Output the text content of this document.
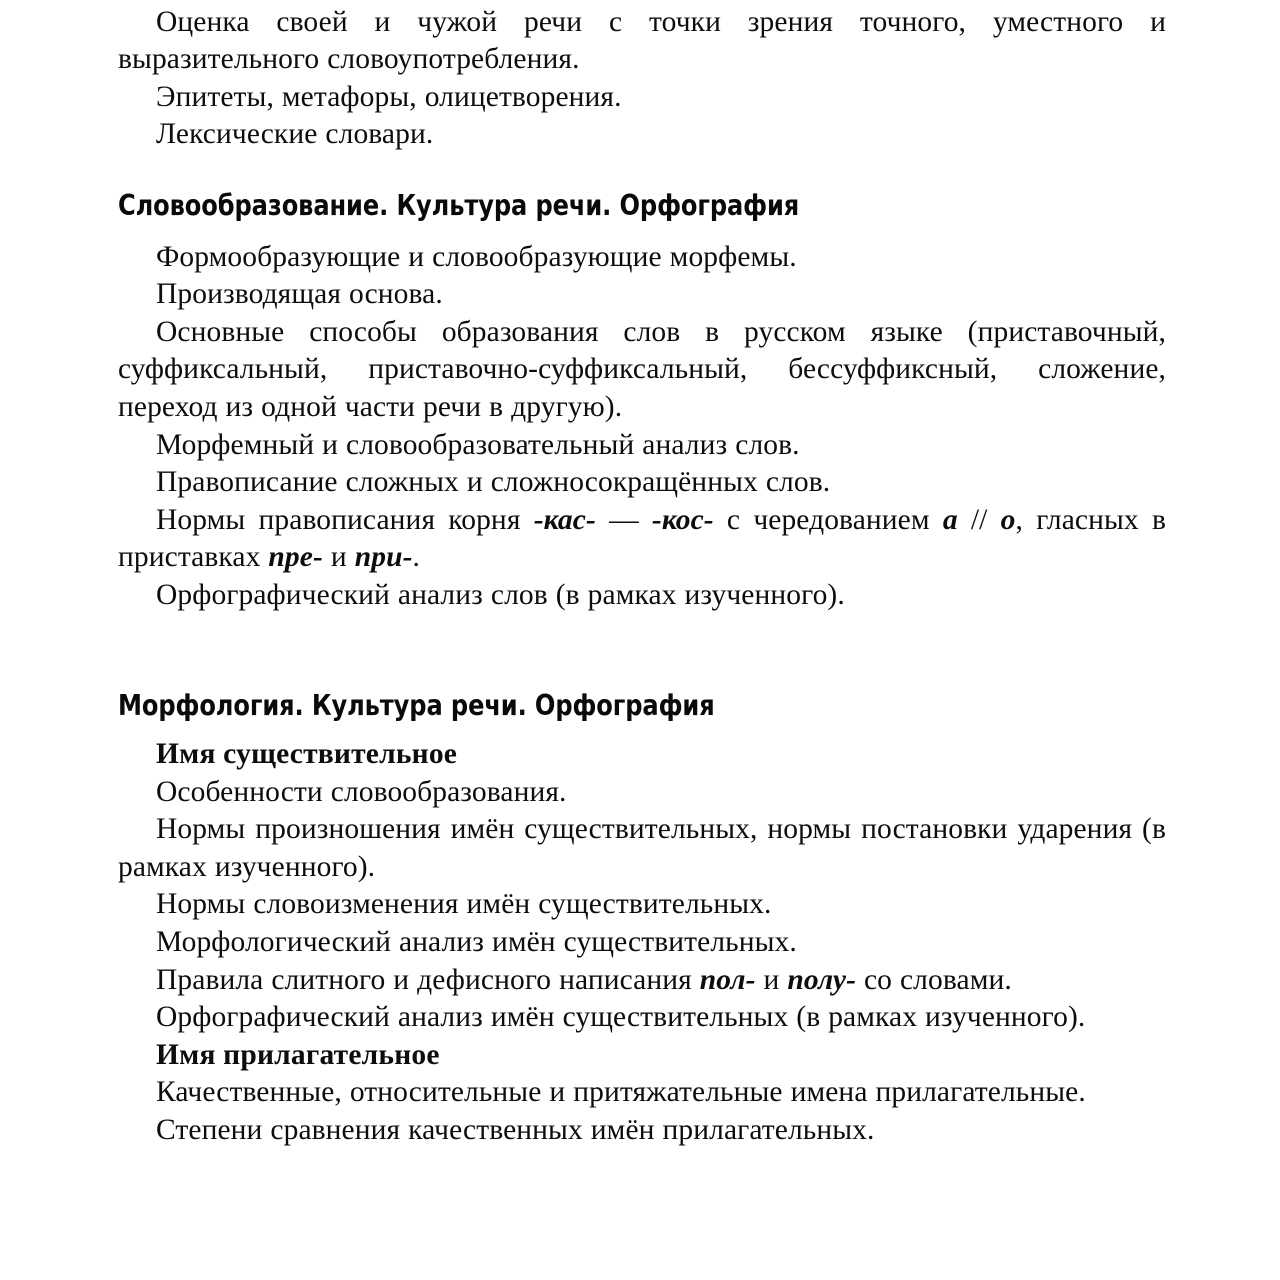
Оценка своей и чужой речи с точки зрения точного, уместного и выразительного словоупотребления.

Эпитеты, метафоры, олицетворения.

Лексические словари.

Словообразование. Культура речи. Орфография

Формообразующие и словообразующие морфемы.

Производящая основа.

Основные способы образования слов в русском языке (приставочный, суффиксальный, приставочно-суффиксальный, бессуффиксный, сложение, переход из одной части речи в другую).

Морфемный и словообразовательный анализ слов.

Правописание сложных и сложносокращённых слов.

Нормы правописания корня -кас- — -кос- с чередованием а // о, гласных в приставках пре- и при-.

Орфографический анализ слов (в рамках изученного).

Морфология. Культура речи. Орфография
Имя существительное

Особенности словообразования.

Нормы произношения имён существительных, нормы постановки ударения (в рамках изученного).

Нормы словоизменения имён существительных.

Морфологический анализ имён существительных.

Правила слитного и дефисного написания пол- и полу- со словами.

Орфографический анализ имён существительных (в рамках изученного).

Имя прилагательное

Качественные, относительные и притяжательные имена прилагательные.

Степени сравнения качественных имён прилагательных.
